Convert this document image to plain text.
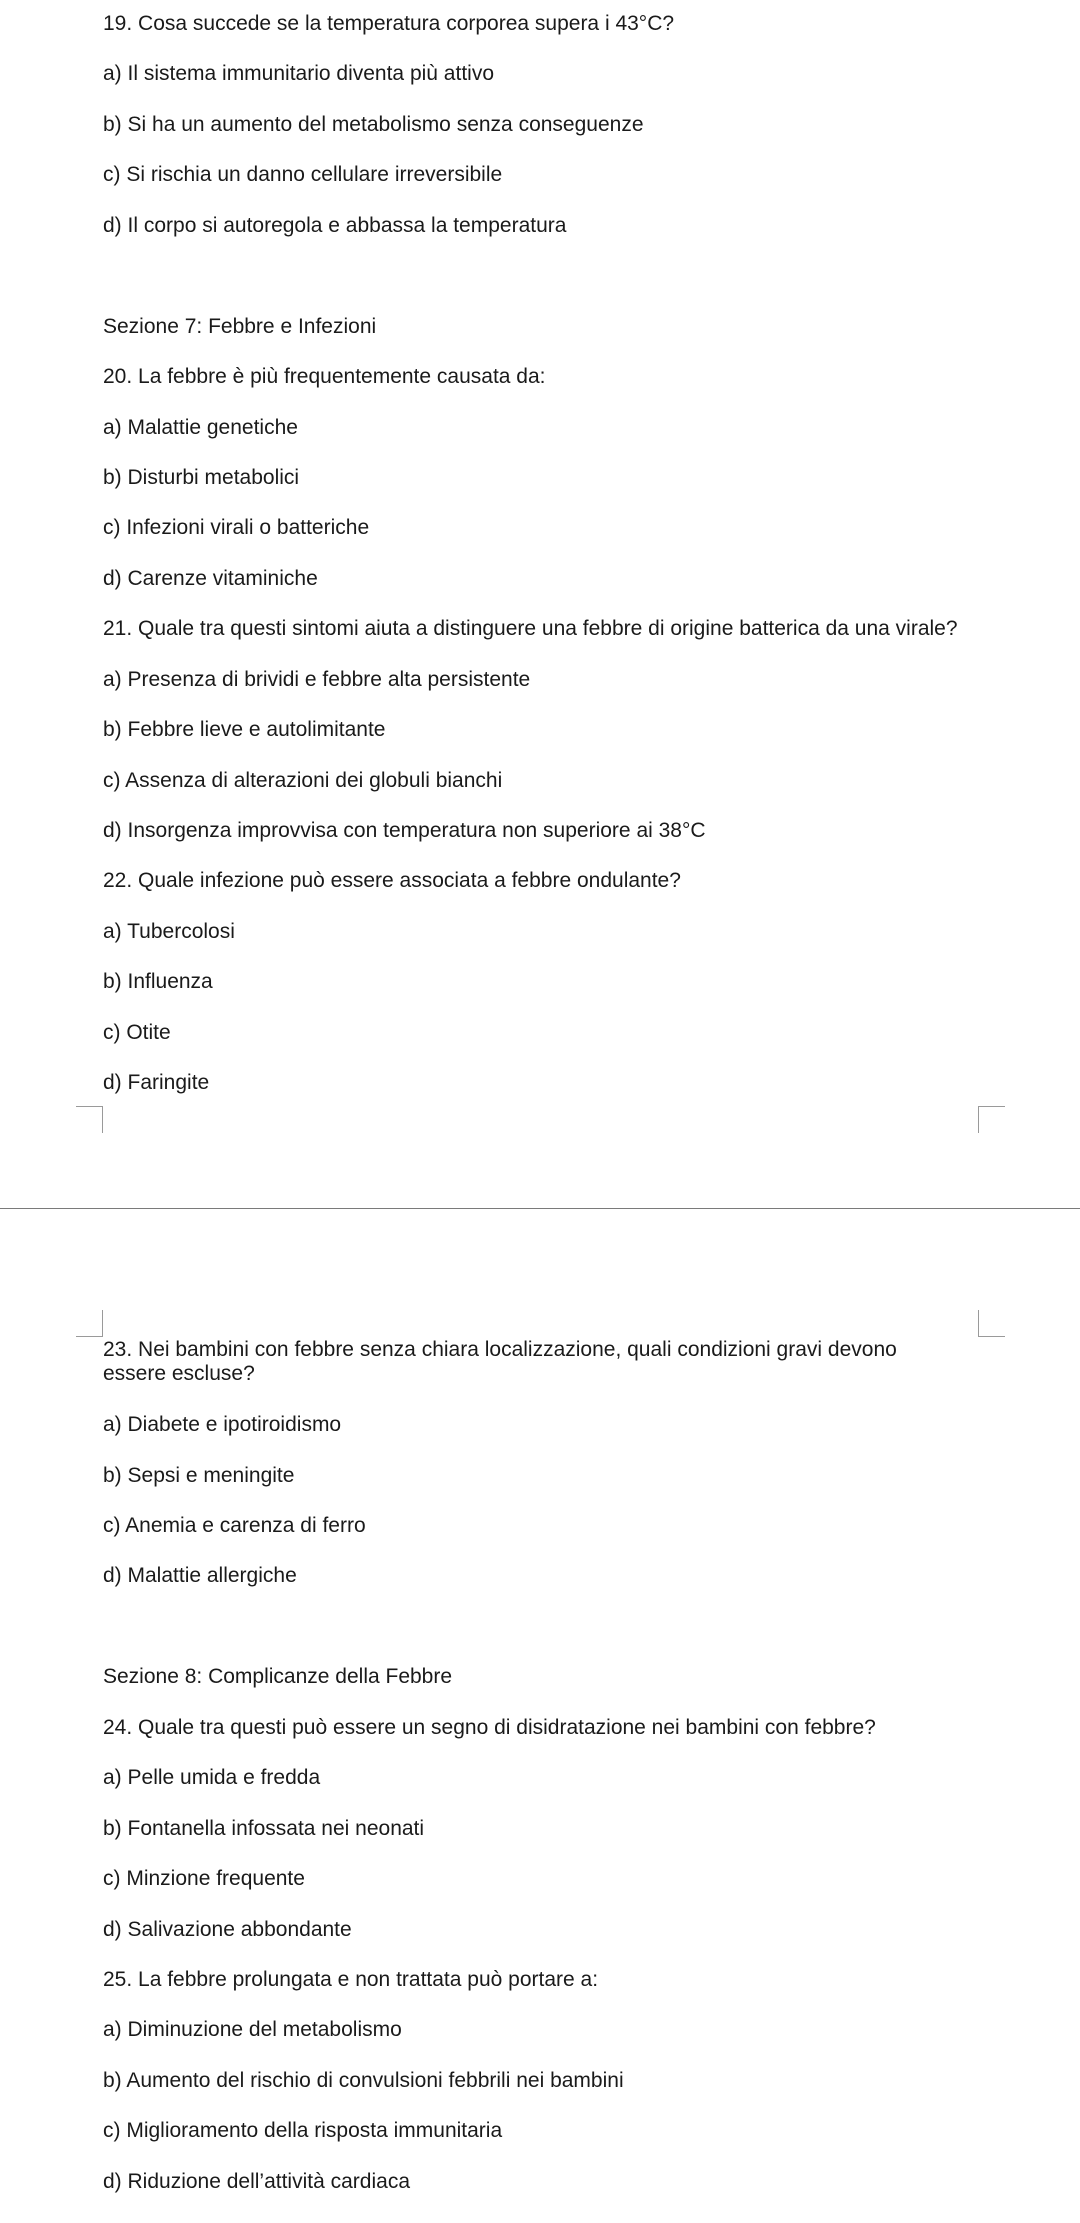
19. Cosa succede se la temperatura corporea supera i 43°C?

a) Il sistema immunitario diventa più attivo

b) Si ha un aumento del metabolismo senza conseguenze

c) Si rischia un danno cellulare irreversibile

d) Il corpo si autoregola e abbassa la temperatura

Sezione 7: Febbre e Infezioni

20. La febbre è più frequentemente causata da:

a) Malattie genetiche

b) Disturbi metabolici

c) Infezioni virali o batteriche

d) Carenze vitaminiche

21. Quale tra questi sintomi aiuta a distinguere una febbre di origine batterica da una virale?

a) Presenza di brividi e febbre alta persistente

b) Febbre lieve e autolimitante

c) Assenza di alterazioni dei globuli bianchi

d) Insorgenza improvvisa con temperatura non superiore ai 38°C

22. Quale infezione può essere associata a febbre ondulante?

a) Tubercolosi

b) Influenza

c) Otite

d) Faringite

23. Nei bambini con febbre senza chiara localizzazione, quali condizioni gravi devono essere escluse?

a) Diabete e ipotiroidismo

b) Sepsi e meningite

c) Anemia e carenza di ferro

d) Malattie allergiche

Sezione 8: Complicanze della Febbre

24. Quale tra questi può essere un segno di disidratazione nei bambini con febbre?

a) Pelle umida e fredda

b) Fontanella infossata nei neonati

c) Minzione frequente

d) Salivazione abbondante

25. La febbre prolungata e non trattata può portare a:

a) Diminuzione del metabolismo

b) Aumento del rischio di convulsioni febbrili nei bambini

c) Miglioramento della risposta immunitaria

d) Riduzione dell’attività cardiaca
